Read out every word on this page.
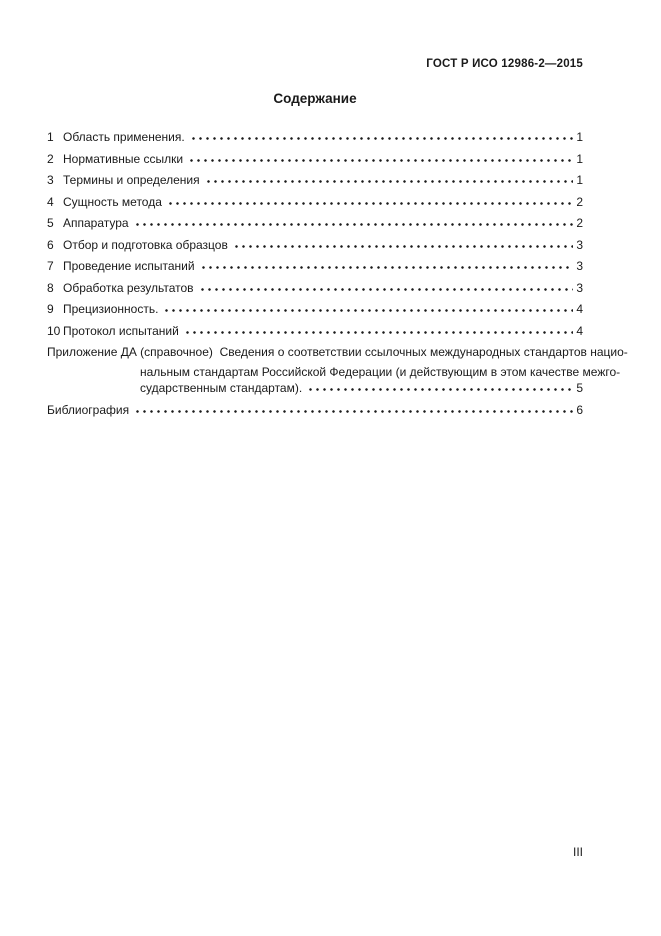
ГОСТ Р ИСО 12986-2—2015
Содержание
1 Область применения.	1
2 Нормативные ссылки	1
3 Термины и определения	1
4 Сущность метода	2
5 Аппаратура	2
6 Отбор и подготовка образцов	3
7 Проведение испытаний	3
8 Обработка результатов	3
9 Прецизионность.	4
10 Протокол испытаний	4
Приложение ДА (справочное)  Сведения о соответствии ссылочных международных стандартов нацио-
нальным стандартам Российской Федерации (и действующим в этом качестве межго-
сударственным стандартам).	5
Библиография	6
III
